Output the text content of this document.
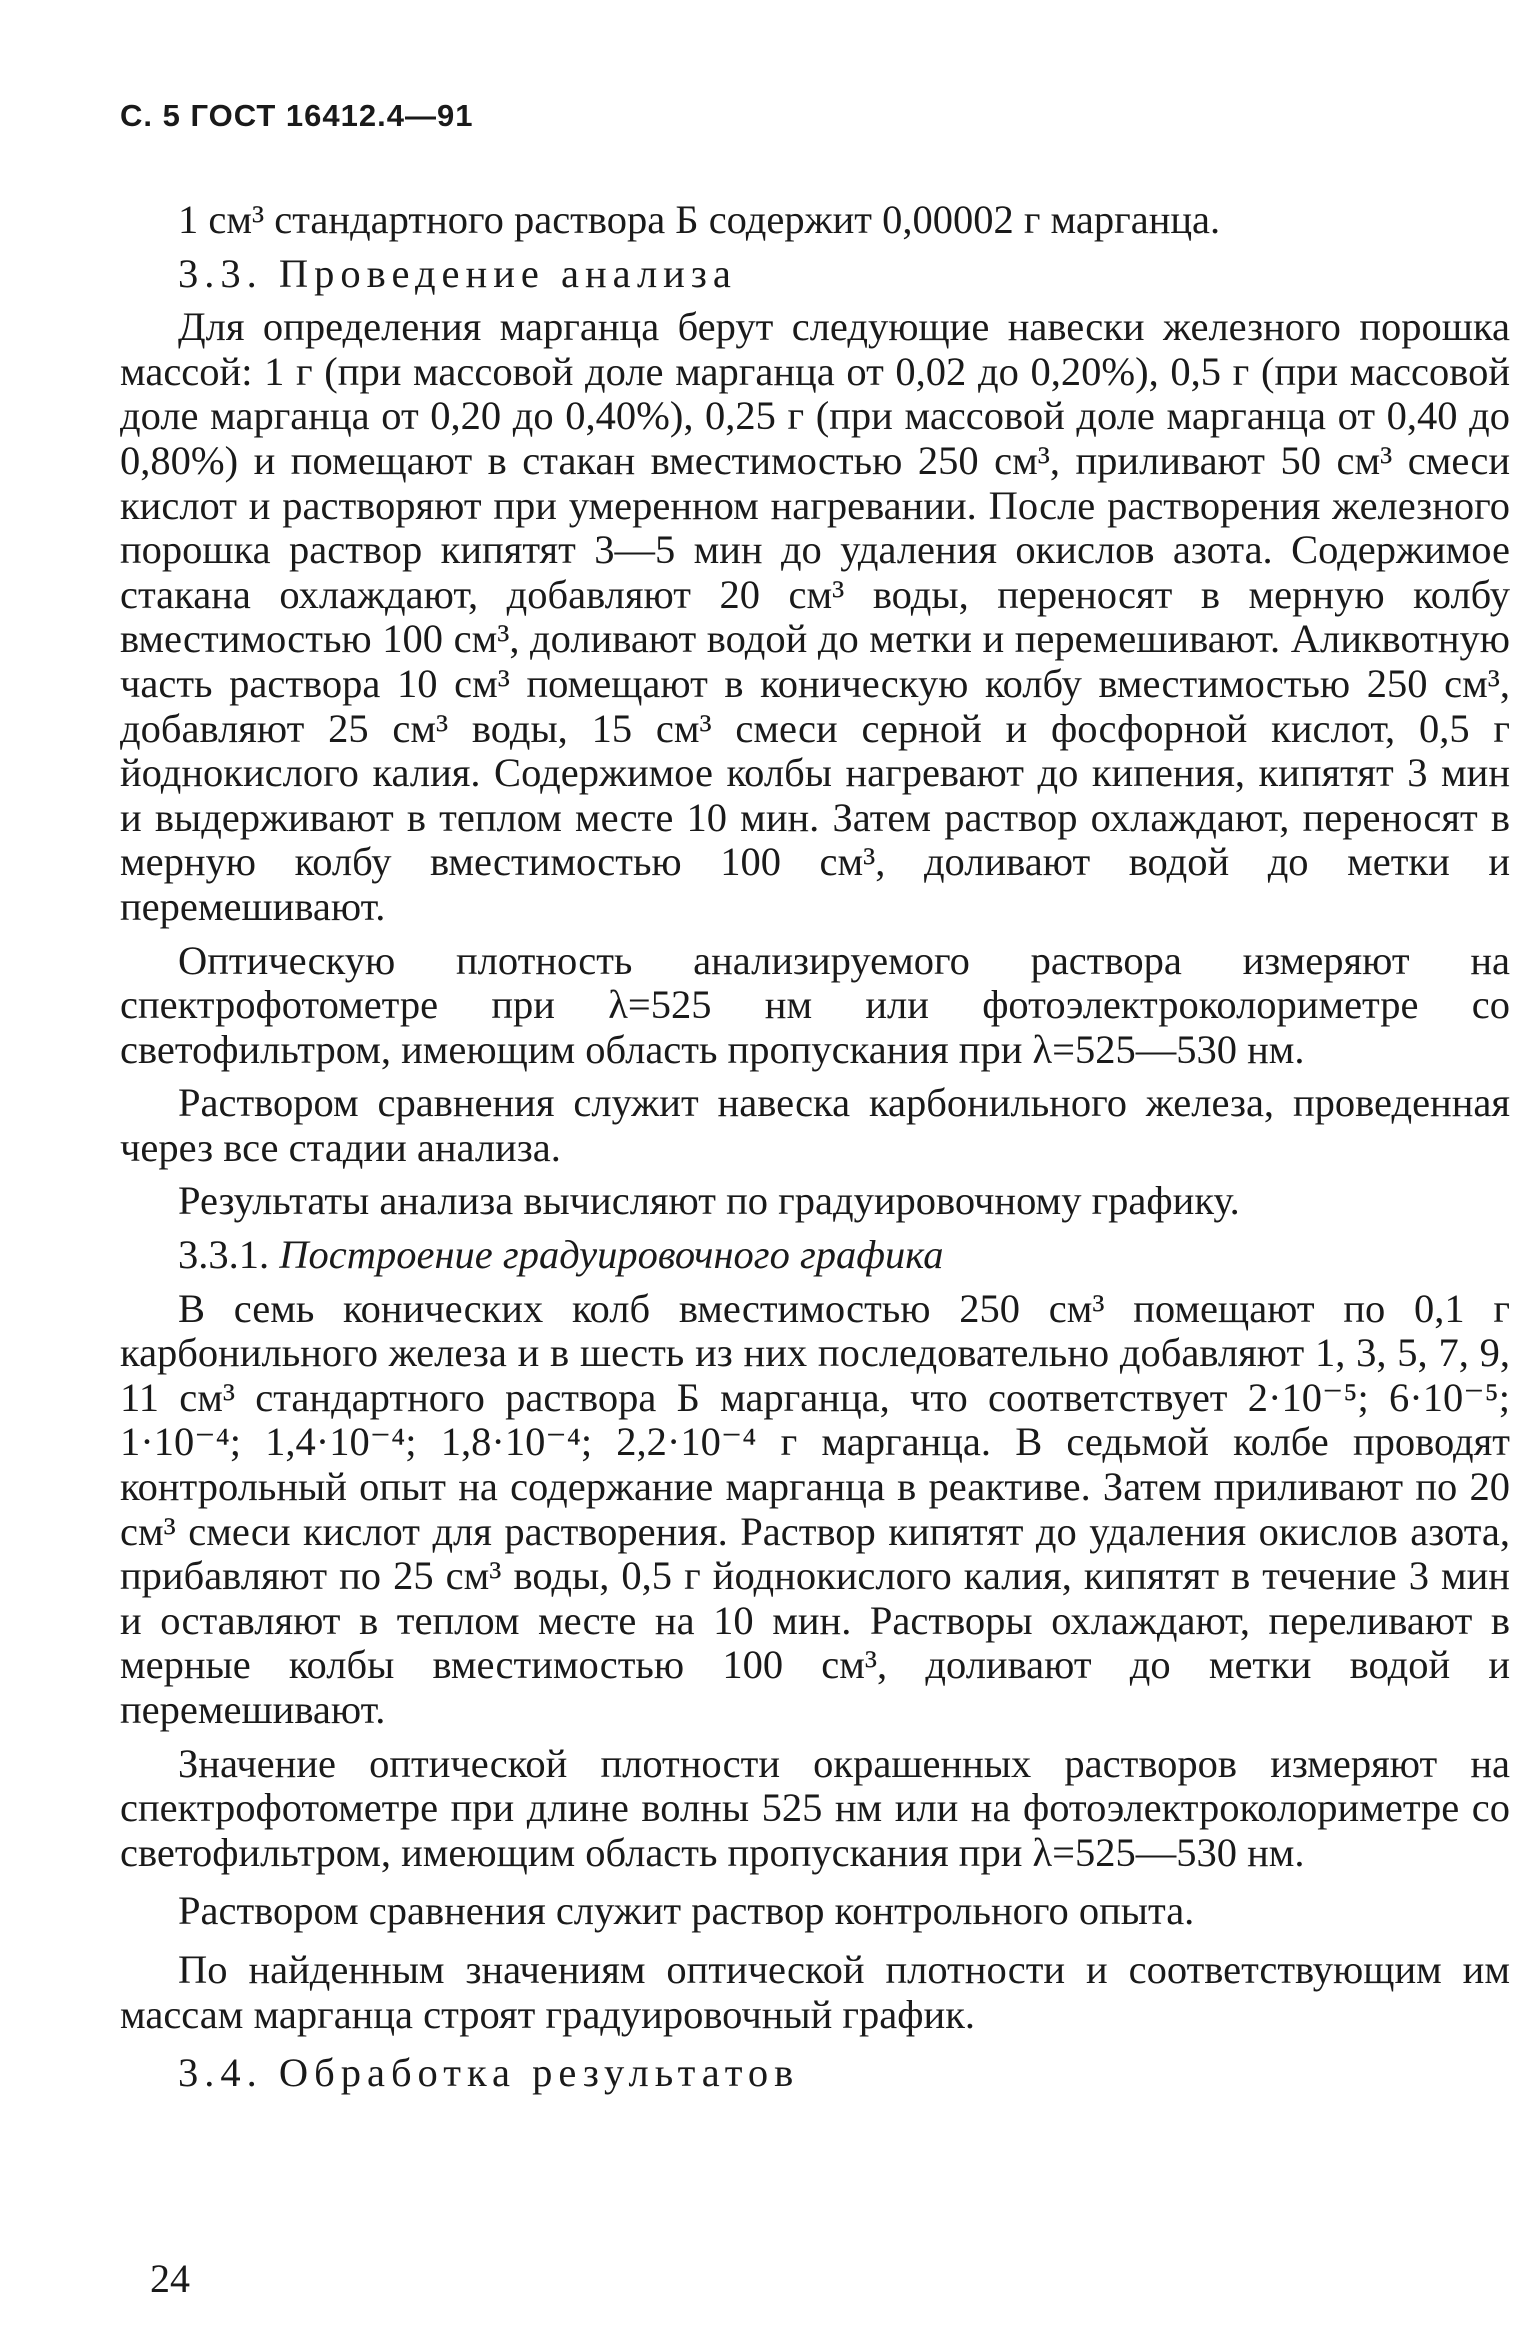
С. 5 ГОСТ 16412.4—91

1 см³ стандартного раствора Б содержит 0,00002 г марганца.

3.3. Проведение анализа

Для определения марганца берут следующие навески железного порошка массой: 1 г (при массовой доле марганца от 0,02 до 0,20%), 0,5 г (при массовой доле марганца от 0,20 до 0,40%), 0,25 г (при массовой доле марганца от 0,40 до 0,80%) и помещают в стакан вместимостью 250 см³, приливают 50 см³ смеси кислот и растворяют при умеренном нагревании. После растворения железного порошка раствор кипятят 3—5 мин до удаления окислов азота. Содержимое стакана охлаждают, добавляют 20 см³ воды, переносят в мерную колбу вместимостью 100 см³, доливают водой до метки и перемешивают. Аликвотную часть раствора 10 см³ помещают в коническую колбу вместимостью 250 см³, добавляют 25 см³ воды, 15 см³ смеси серной и фосфорной кислот, 0,5 г йоднокислого калия. Содержимое колбы нагревают до кипения, кипятят 3 мин и выдерживают в теплом месте 10 мин. Затем раствор охлаждают, переносят в мерную колбу вместимостью 100 см³, доливают водой до метки и перемешивают.

Оптическую плотность анализируемого раствора измеряют на спектрофотометре при λ=525 нм или фотоэлектроколориметре со светофильтром, имеющим область пропускания при λ=525—530 нм.

Раствором сравнения служит навеска карбонильного железа, проведенная через все стадии анализа.

Результаты анализа вычисляют по градуировочному графику.

3.3.1. Построение градуировочного графика

В семь конических колб вместимостью 250 см³ помещают по 0,1 г карбонильного железа и в шесть из них последовательно добавляют 1, 3, 5, 7, 9, 11 см³ стандартного раствора Б марганца, что соответствует 2·10⁻⁵; 6·10⁻⁵; 1·10⁻⁴; 1,4·10⁻⁴; 1,8·10⁻⁴; 2,2·10⁻⁴ г марганца. В седьмой колбе проводят контрольный опыт на содержание марганца в реактиве. Затем приливают по 20 см³ смеси кислот для растворения. Раствор кипятят до удаления окислов азота, прибавляют по 25 см³ воды, 0,5 г йоднокислого калия, кипятят в течение 3 мин и оставляют в теплом месте на 10 мин. Растворы охлаждают, переливают в мерные колбы вместимостью 100 см³, доливают до метки водой и перемешивают.

Значение оптической плотности окрашенных растворов измеряют на спектрофотометре при длине волны 525 нм или на фотоэлектроколориметре со светофильтром, имеющим область пропускания при λ=525—530 нм.

Раствором сравнения служит раствор контрольного опыта.

По найденным значениям оптической плотности и соответствующим им массам марганца строят градуировочный график.

3.4. Обработка результатов

24
